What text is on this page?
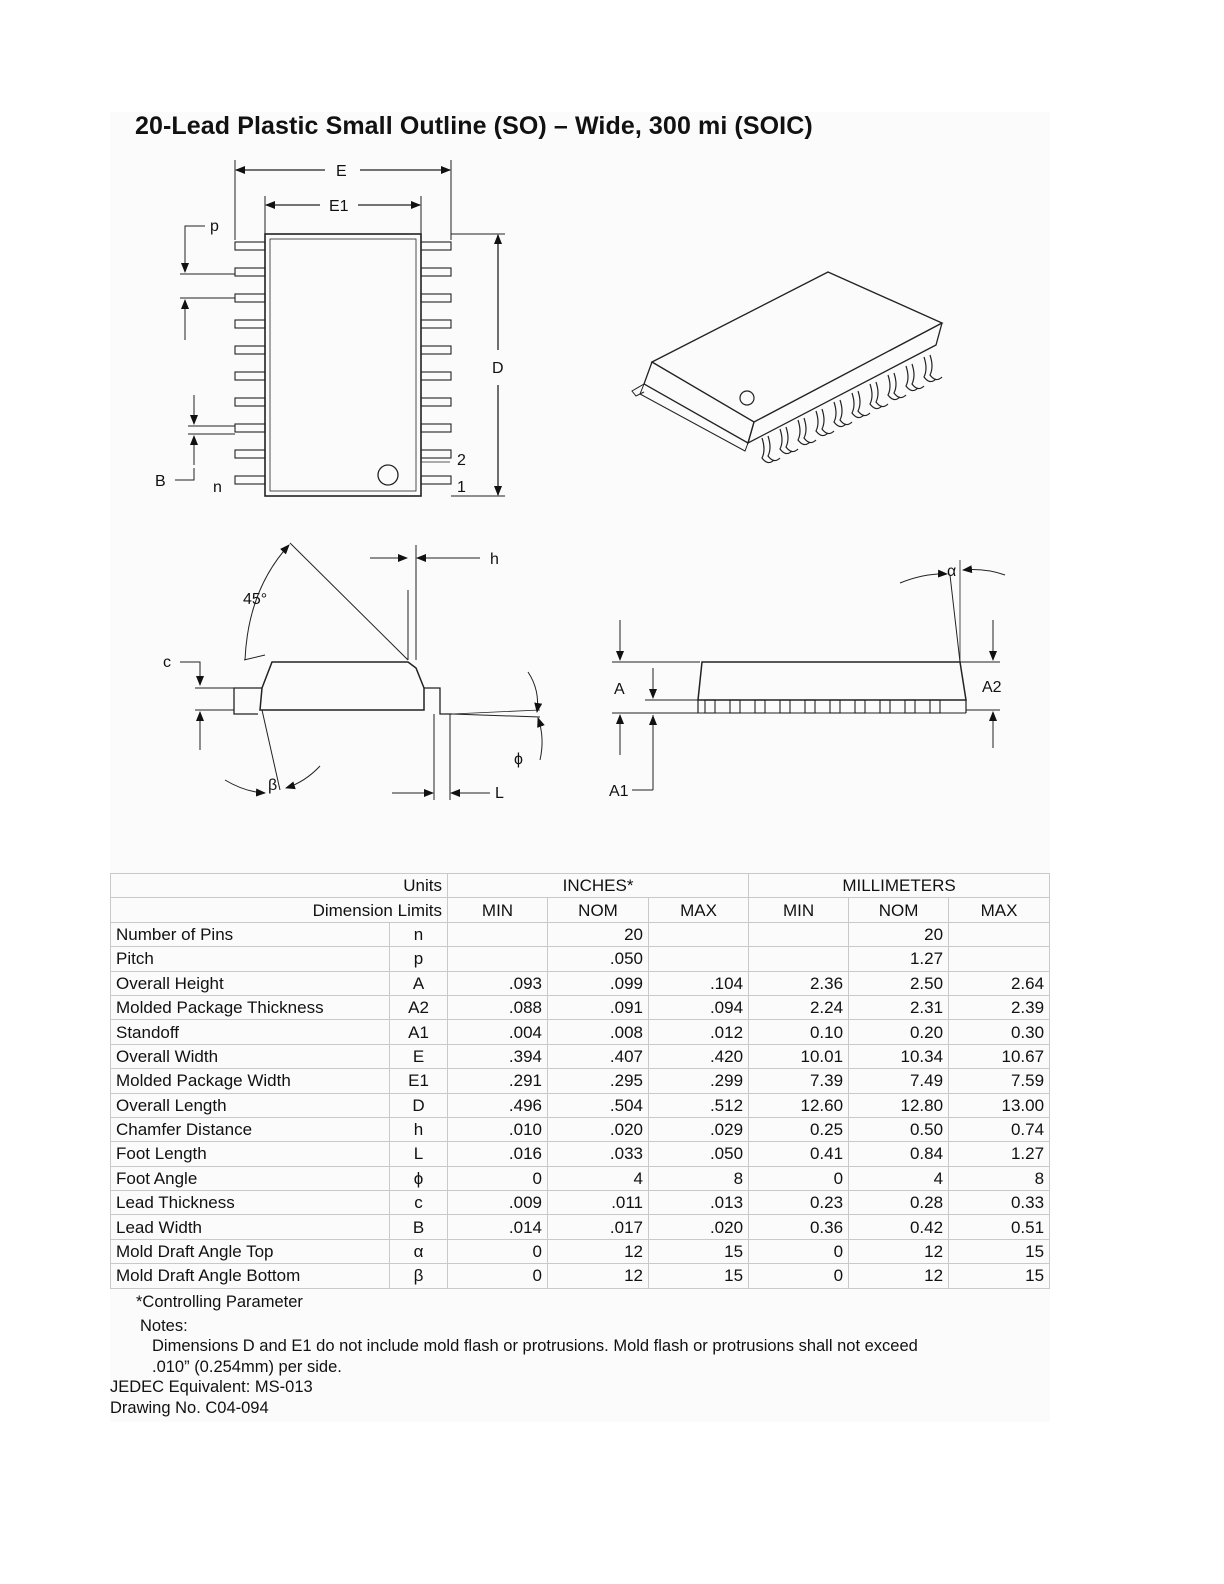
20-Lead Plastic Small Outline (SO) – Wide, 300 mi (SOIC)
E
E1
p
D
B	n
2
1
45°
h
c
ϕ
β	L
α
A	A2
A1
Units		INCHES*			MILLIMETERS		
Dimension Limits		MIN	NOM	MAX	MIN	NOM	MAX
Number of Pins	n		20			20	
Pitch	p		.050			1.27	
Overall Height	A	.093	.099	.104	2.36	2.50	2.64
Molded Package Thickness	A2	.088	.091	.094	2.24	2.31	2.39
Standoff	A1	.004	.008	.012	0.10	0.20	0.30
Overall Width	E	.394	.407	.420	10.01	10.34	10.67
Molded Package Width	E1	.291	.295	.299	7.39	7.49	7.59
Overall Length	D	.496	.504	.512	12.60	12.80	13.00
Chamfer Distance	h	.010	.020	.029	0.25	0.50	0.74
Foot Length	L	.016	.033	.050	0.41	0.84	1.27
Foot Angle	ϕ	0	4	8	0	4	8
Lead Thickness	c	.009	.011	.013	0.23	0.28	0.33
Lead Width	B	.014	.017	.020	0.36	0.42	0.51
Mold Draft Angle Top	α	0	12	15	0	12	15
Mold Draft Angle Bottom	β	0	12	15	0	12	15
*Controlling Parameter
Notes:
Dimensions D and E1 do not include mold flash or protrusions. Mold flash or protrusions shall not exceed
.010” (0.254mm) per side.
JEDEC Equivalent: MS-013
Drawing No. C04-094
